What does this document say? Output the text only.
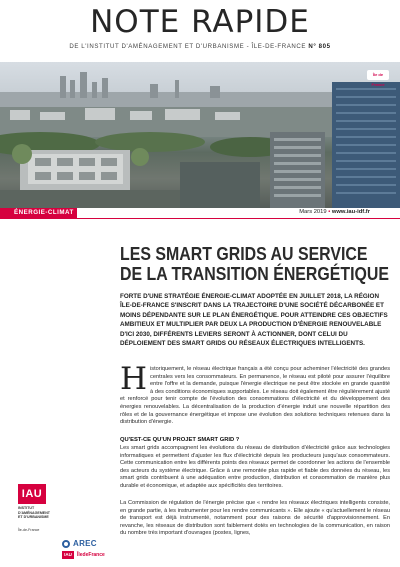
NOTE RAPIDE
DE L'INSTITUT D'AMÉNAGEMENT ET D'URBANISME - ÎLE-DE-FRANCE N° 805
Île de France
ÉNERGIE-CLIMAT	Mars 2019 • www.iau-idf.fr
LES SMART GRIDS AU SERVICE
DE LA TRANSITION ÉNERGÉTIQUE
FORTE D'UNE STRATÉGIE ÉNERGIE-CLIMAT ADOPTÉE EN JUILLET 2018, LA RÉGION ÎLE-DE-FRANCE S'INSCRIT DANS LA TRAJECTOIRE D'UNE SOCIÉTÉ DÉCARBONÉE ET MOINS DÉPENDANTE SUR LE PLAN ÉNERGÉTIQUE. POUR ATTEINDRE CES OBJECTIFS AMBITIEUX ET MULTIPLIER PAR DEUX LA PRODUCTION D'ÉNERGIE RENOUVELABLE D'ICI 2030, DIFFÉRENTS LEVIERS SERONT À ACTIONNER, DONT CELUI DU DÉPLOIEMENT DES SMART GRIDS OU RÉSEAUX ÉLECTRIQUES INTELLIGENTS.
H istoriquement, le réseau électrique français a été conçu pour acheminer l'électricité des grandes centrales vers les consommateurs. En permanence, le réseau est piloté pour assurer l'équilibre entre l'offre et la demande, puisque l'énergie électrique ne peut être stockée en grande quantité à des conditions économiques supportables. Le réseau doit également être régulièrement ajusté et renforcé pour tenir compte de l'évolution des consommations d'électricité et du développement des énergies renouvelables. La décentralisation de la production d'énergie induit une nouvelle répartition des rôles et de la gouvernance énergétique et impose une évolution des solutions techniques retenues dans la distribution d'énergie.
QU'EST-CE QU'UN PROJET SMART GRID ?
Les smart grids accompagnent les évolutions du réseau de distribution d'électricité grâce aux technologies informatiques et permettent d'ajuster les flux d'électricité depuis les producteurs jusqu'aux consommateurs. Cette communication entre les différents points des réseaux permet de coordonner les actions de l'ensemble des acteurs du système électrique. Grâce à une remontée plus rapide et fiable des données du réseau, les smart grids contribuent à une adéquation entre production, distribution et consommation de manière plus durable et économique, et adaptée aux spécificités des territoires.
La Commission de régulation de l'énergie précise que « rendre les réseaux électriques intelligents consiste, en grande partie, à les instrumenter pour les rendre communicants ». Elle ajoute « qu'actuellement le réseau de transport est déjà instrumenté, notamment pour des raisons de sécurité d'approvisionnement. En revanche, les réseaux de distribution sont faiblement dotés en technologies de la communication, en raison du nombre très important d'ouvrages (postes, lignes,
IAU
INSTITUT D'AMÉNAGEMENT ET D'URBANISME
Île-de-France
AREC
IAU	ÎledeFrance
